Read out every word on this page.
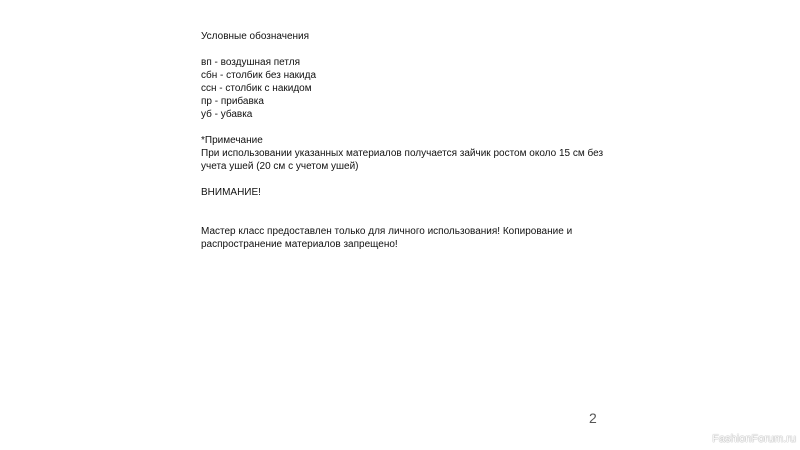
Условные обозначения
вп - воздушная петля
сбн - столбик без накида
ссн - столбик с накидом
пр - прибавка
уб - убавка
*Примечание
При использовании указанных материалов получается зайчик ростом около 15 см без учета ушей (20 см с учетом ушей)
ВНИМАНИЕ!
Мастер класс предоставлен только для личного использования! Копирование и распространение материалов запрещено!
2
FashionForum.ru
